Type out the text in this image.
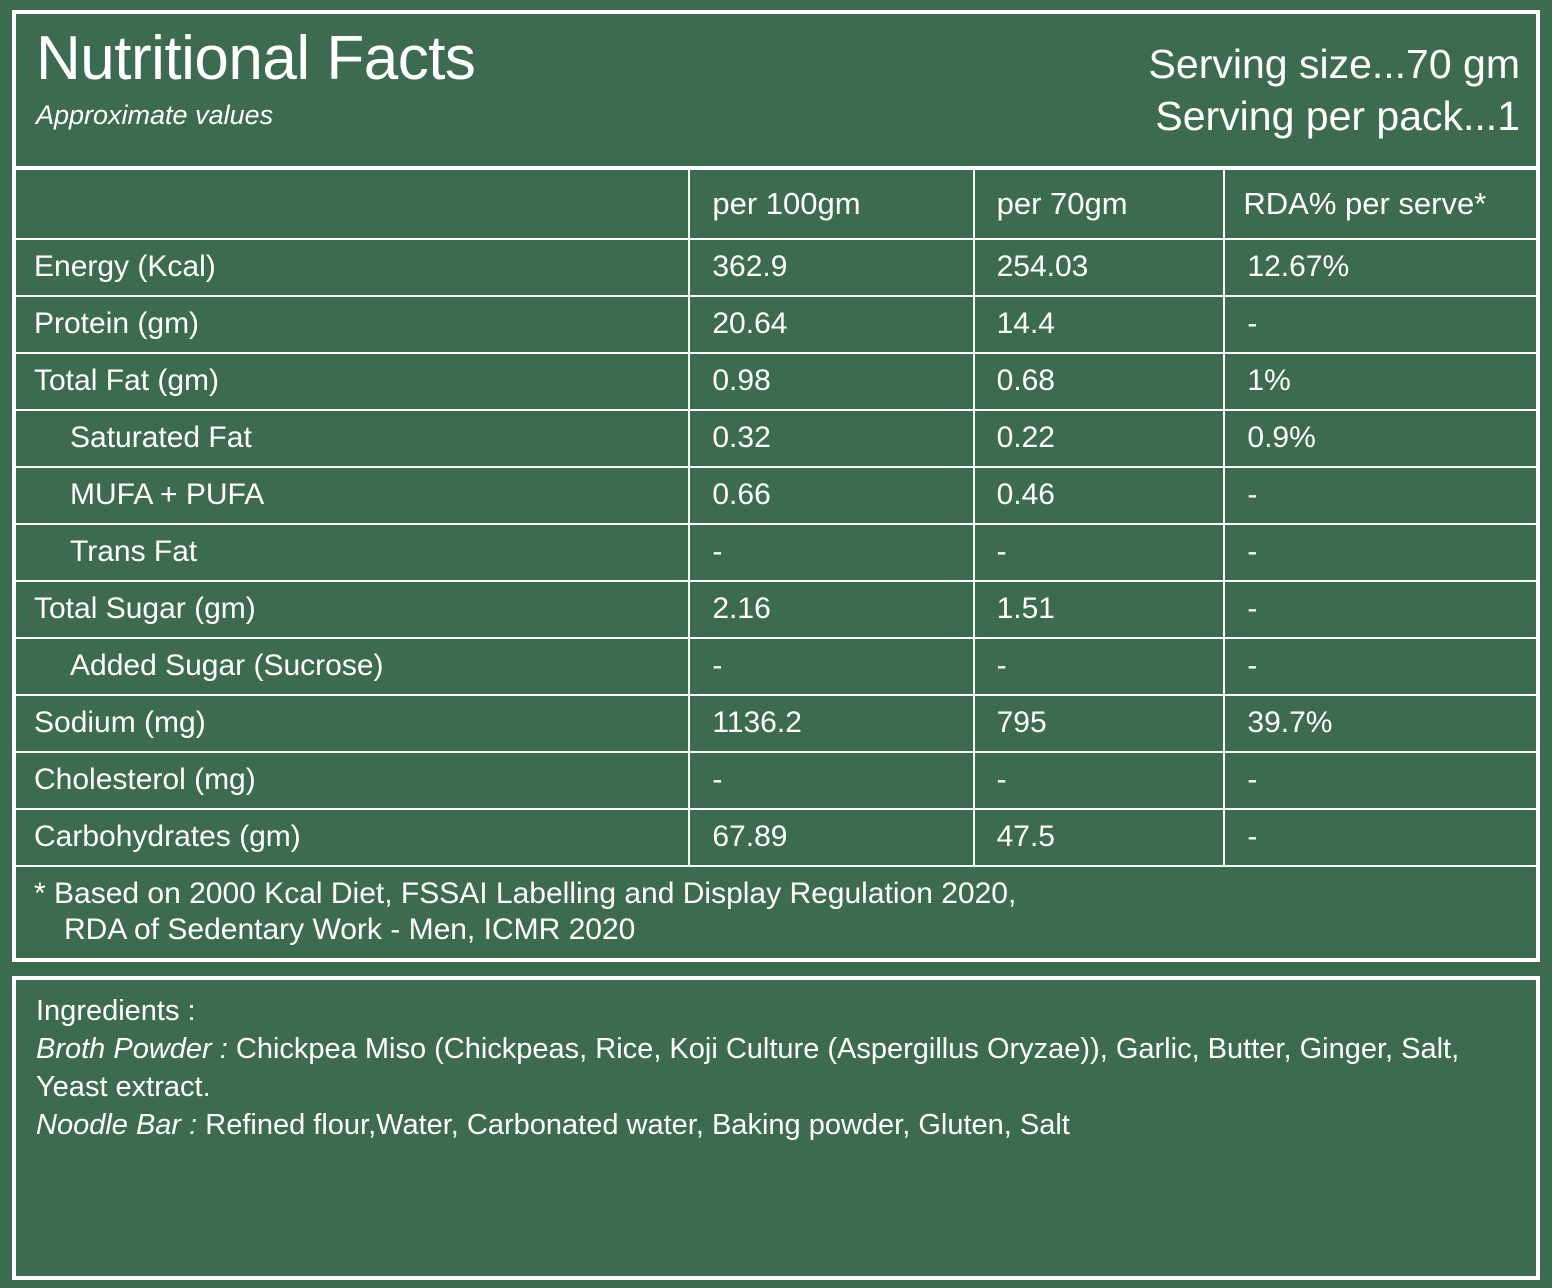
Nutritional Facts
Approximate values
Serving size...70 gm
Serving per pack...1
	per 100gm	per 70gm	RDA% per serve*
Energy (Kcal)	362.9	254.03	12.67%
Protein (gm)	20.64	14.4	-
Total Fat (gm)	0.98	0.68	1%
Saturated Fat	0.32	0.22	0.9%
MUFA + PUFA	0.66	0.46	-
Trans Fat	-	-	-
Total Sugar (gm)	2.16	1.51	-
Added Sugar (Sucrose)	-	-	-
Sodium (mg)	1136.2	795	39.7%
Cholesterol (mg)	-	-	-
Carbohydrates (gm)	67.89	47.5	-
* Based on 2000 Kcal Diet, FSSAI Labelling and Display Regulation 2020,
RDA of Sedentary Work - Men, ICMR 2020			
Ingredients :
Broth Powder : Chickpea Miso (Chickpeas, Rice, Koji Culture (Aspergillus Oryzae)), Garlic, Butter, Ginger, Salt, Yeast extract.
Noodle Bar : Refined flour,Water, Carbonated water, Baking powder, Gluten, Salt
